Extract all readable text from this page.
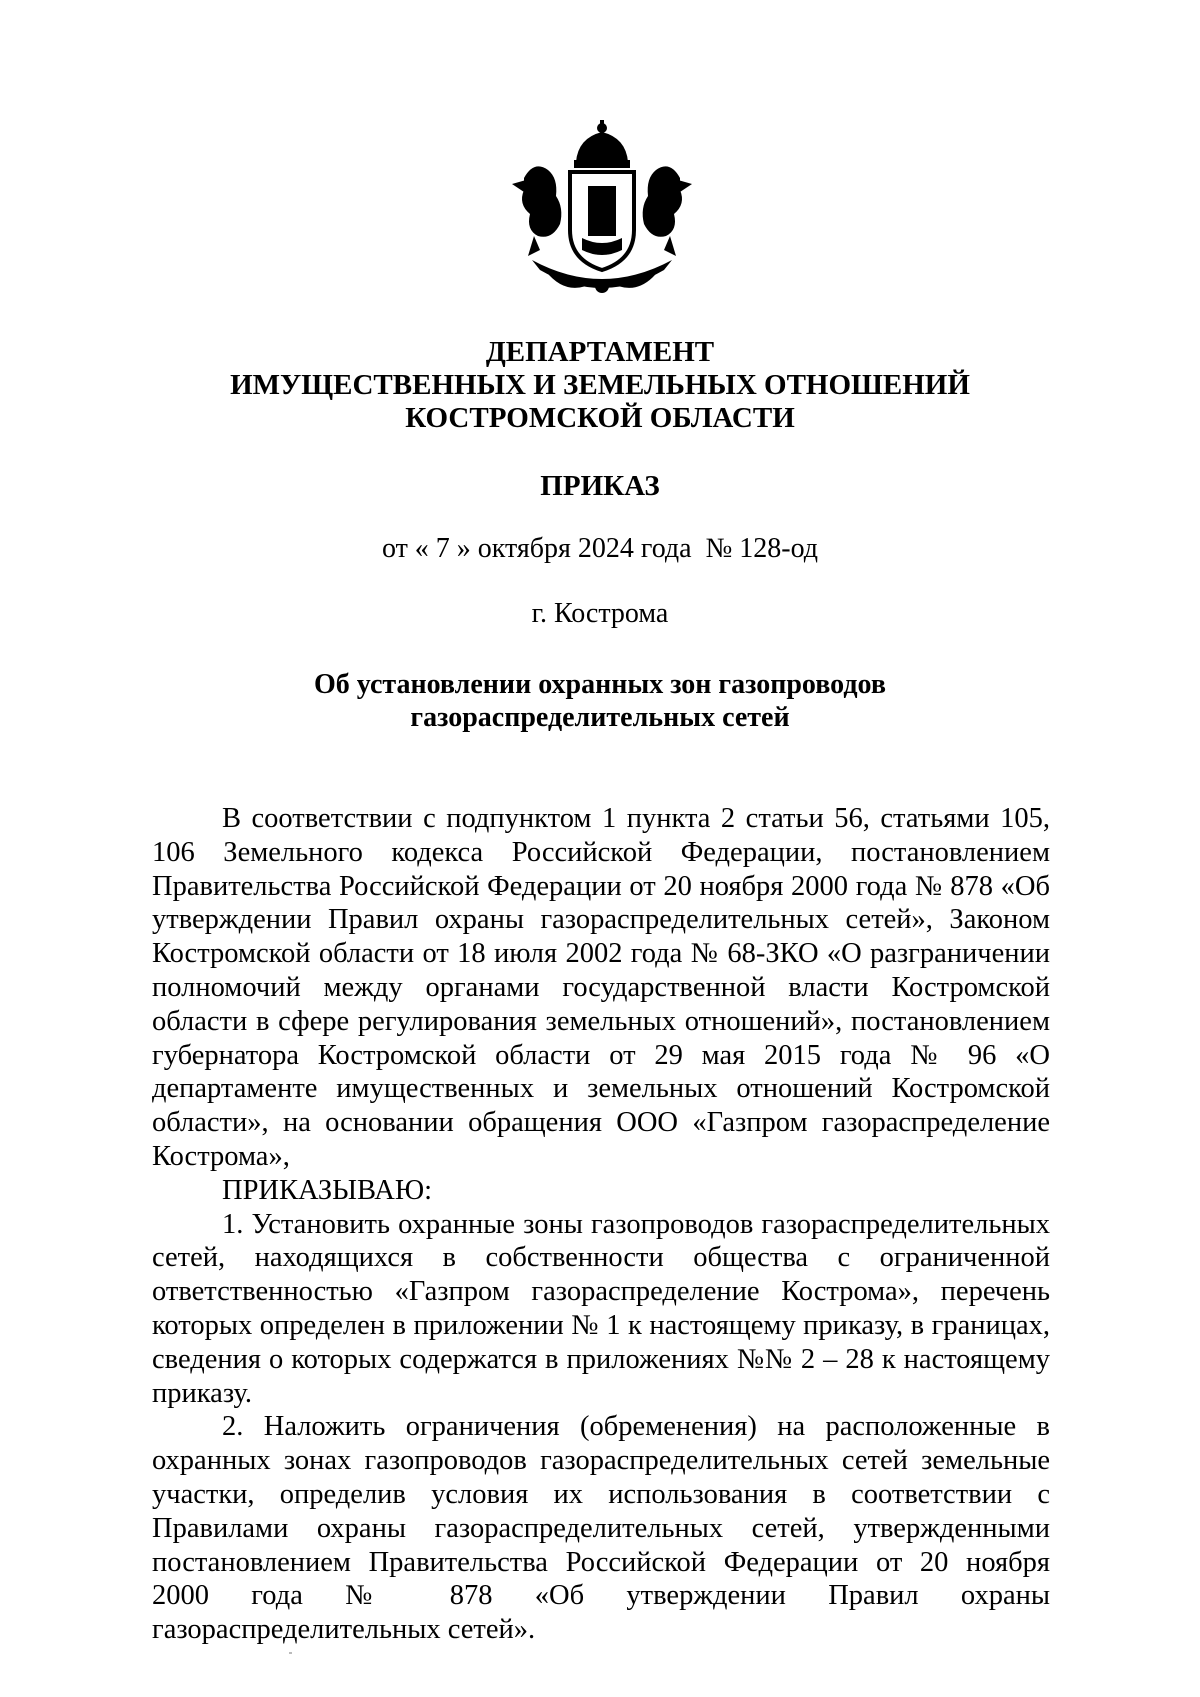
ДЕПАРТАМЕНТ
ИМУЩЕСТВЕННЫХ И ЗЕМЕЛЬНЫХ ОТНОШЕНИЙ
КОСТРОМСКОЙ ОБЛАСТИ
ПРИКАЗ
от « 7 » октября 2024 года  № 128-од
г. Кострома
Об установлении охранных зон газопроводов
газораспределительных сетей

В соответствии с подпунктом 1 пункта 2 статьи 56, статьями 105, 106 Земельного кодекса Российской Федерации, постановлением Правительства Российской Федерации от 20 ноября 2000 года № 878 «Об утверждении Правил охраны газораспределительных сетей», Законом Костромской области от 18 июля 2002 года № 68-ЗКО «О разграничении полномочий между органами государственной власти Костромской области в сфере регулирования земельных отношений», постановлением губернатора Костромской области от 29 мая 2015 года № 96 «О департаменте имущественных и земельных отношений Костромской области», на основании обращения ООО «Газпром газораспределение Кострома»,

ПРИКАЗЫВАЮ:

1. Установить охранные зоны газопроводов газораспределительных сетей, находящихся в собственности общества с ограниченной ответственностью «Газпром газораспределение Кострома», перечень которых определен в приложении № 1 к настоящему приказу, в границах, сведения о которых содержатся в приложениях №№ 2 – 28 к настоящему приказу.

2. Наложить ограничения (обременения) на расположенные в охранных зонах газопроводов газораспределительных сетей земельные участки, определив условия их использования в соответствии с Правилами охраны газораспределительных сетей, утвержденными постановлением Правительства Российской Федерации от 20 ноября 2000 года № 878 «Об утверждении Правил охраны газораспределительных сетей».
